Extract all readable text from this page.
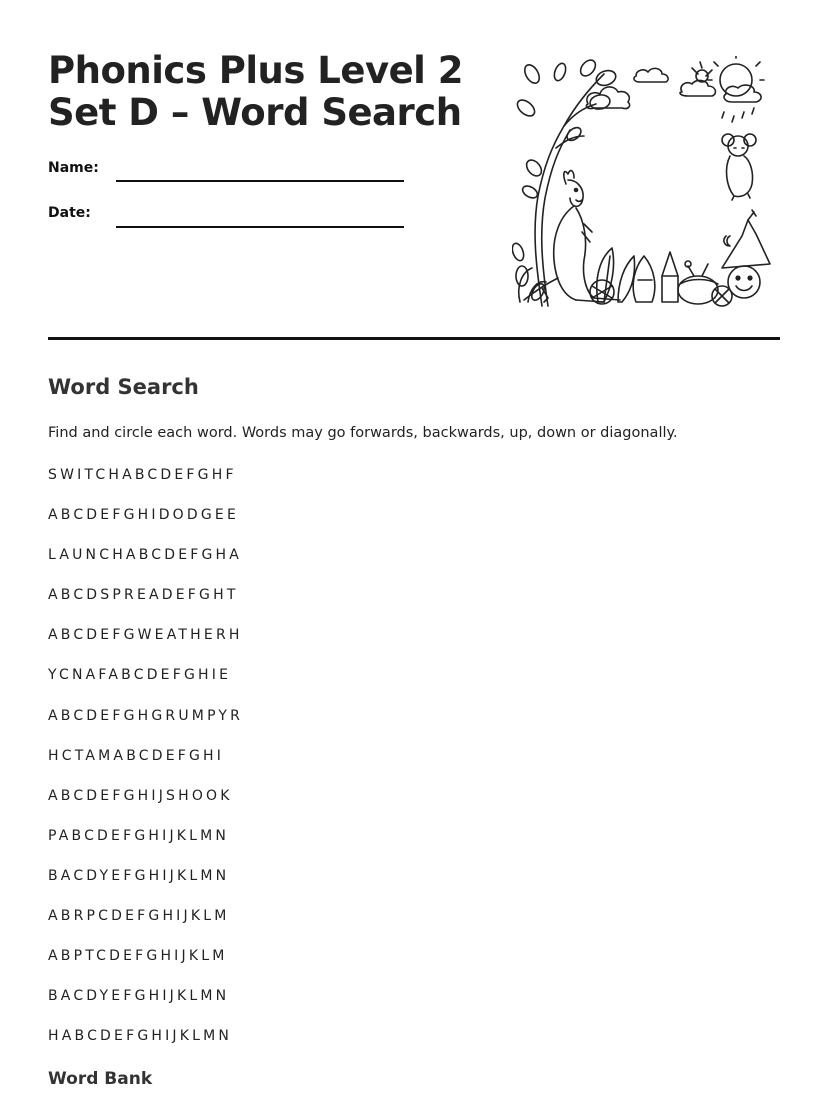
Phonics Plus Level 2 Set D – Word Search
Name:
Date:
Word Search

Find and circle each word. Words may go forwards, backwards, up, down or diagonally.

SWITCHABCDEFGHF
ABCDEFGHIDODGEE
LAUNCHABCDEFGHA
ABCDSPREADEFGHT
ABCDEFGWEATHERH
YCNAFABCDEFGHIE
ABCDEFGHGRUMPYR
HCTAMABCDEFGHI
ABCDEFGHIJSHOOK
PABCDEFGHIJKLMN
BACDYEFGHIJKLMN
ABRPCDEFGHIJKLM
ABPTCDEFGHIJKLM
BACDYEFGHIJKLMN
HABCDEFGHIJKLMN
Word Bank
